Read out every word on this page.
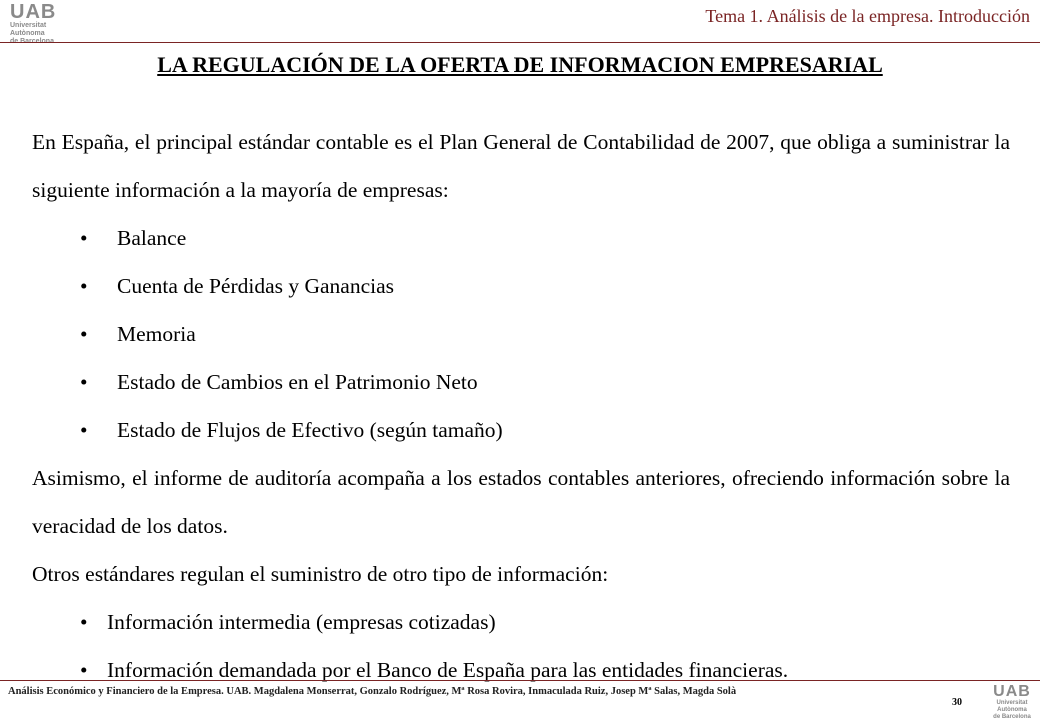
UAB
Universitat Autònoma
de Barcelona
Tema 1. Análisis de la empresa. Introducción
LA REGULACIÓN DE LA OFERTA DE INFORMACION EMPRESARIAL

En España, el principal estándar contable es el Plan General de Contabilidad de 2007, que obliga a suministrar la siguiente información a la mayoría de empresas:

• Balance
• Cuenta de Pérdidas y Ganancias
• Memoria
• Estado de Cambios en el Patrimonio Neto
• Estado de Flujos de Efectivo (según tamaño)

Asimismo, el informe de auditoría acompaña a los estados contables anteriores, ofreciendo información sobre la veracidad de los datos.

Otros estándares regulan el suministro de otro tipo de información:

• Información intermedia (empresas cotizadas)
• Información demandada por el Banco de España para las entidades financieras.
Análisis Económico y Financiero de la Empresa. UAB. Magdalena Monserrat, Gonzalo Rodríguez, Mª Rosa Rovira, Inmaculada Ruiz, Josep Mª Salas, Magda Solà
30
UAB
Universitat Autònoma
de Barcelona
